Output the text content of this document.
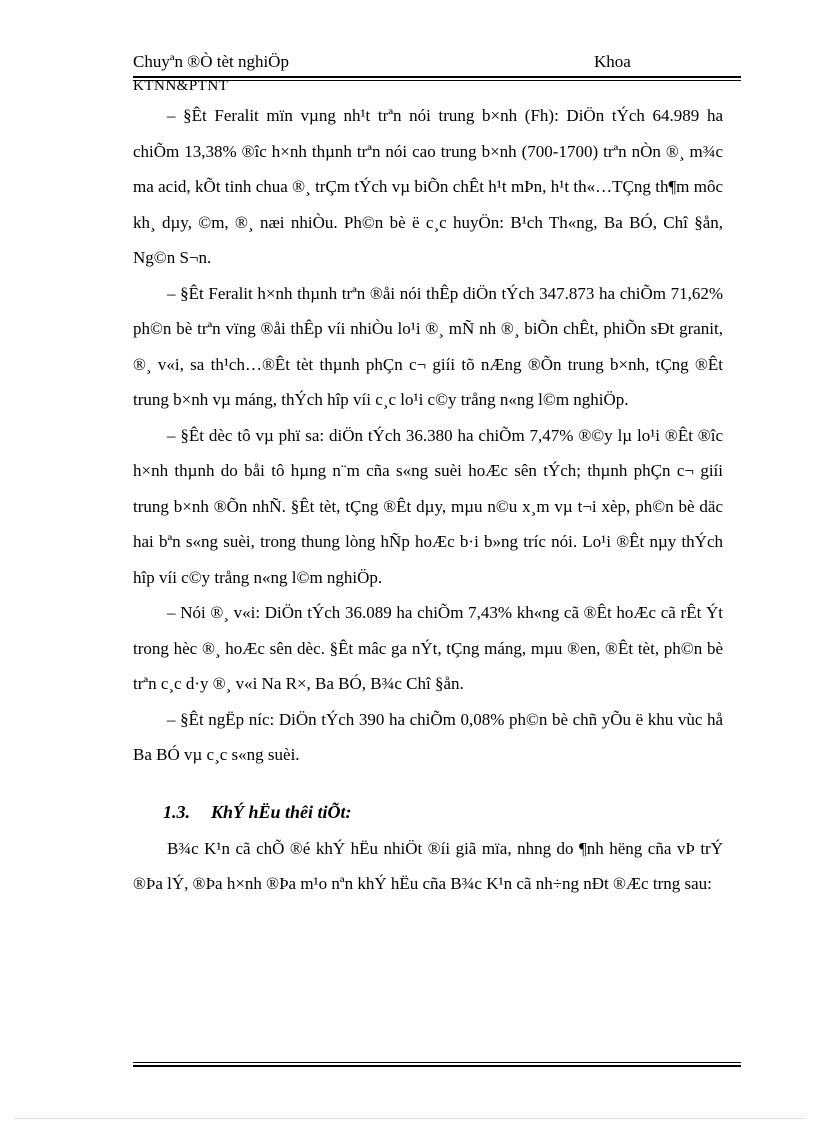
Chuyªn ®Ò tèt nghiÖp	Khoa
KTNN&PTNT

– §Êt Feralit mïn vµng nh¹t trªn nói trung b×nh (Fh): DiÖn tÝch 64.989 ha chiÕm 13,38% ®îc h×nh thµnh trªn nói cao trung b×nh (700-1700) trªn nÒn ®¸ m¾c ma acid, kÕt tinh chua ®¸ trÇm tÝch vµ biÕn chÊt h¹t mÞn, h¹t th«…TÇng th¶m môc kh¸ dµy, ©m, ®¸ næi nhiÒu. Ph©n bè ë c¸c huyÖn: B¹ch Th«ng, Ba BÓ, Chî §ån, Ng©n S¬n.

– §Êt Feralit h×nh thµnh trªn ®åi nói thÊp diÖn tÝch 347.873 ha chiÕm 71,62% ph©n bè trªn vïng ®åi thÊp víi nhiÒu lo¹i ®¸ mÑ nh ®¸ biÕn chÊt, phiÕn sÐt granit, ®¸ v«i, sa th¹ch…®Êt tèt thµnh phÇn c¬ giíi tõ nÆng ®Õn trung b×nh, tÇng ®Êt trung b×nh vµ máng, thÝch hîp víi c¸c lo¹i c©y trång n«ng l©m nghiÖp.

– §Êt dèc tô vµ phï sa: diÖn tÝch 36.380 ha chiÕm 7,47% ®©y lµ lo¹i ®Êt ®îc h×nh thµnh do båi tô hµng n¨m cña s«ng suèi hoÆc sên tÝch; thµnh phÇn c¬ giíi trung b×nh ®Õn nhÑ. §Êt tèt, tÇng ®Êt dµy, mµu n©u x¸m vµ t¬i xèp, ph©n bè däc hai bªn s«ng suèi, trong thung lòng hÑp hoÆc b·i b»ng tríc nói. Lo¹i ®Êt nµy thÝch hîp víi c©y trång n«ng l©m nghiÖp.

– Nói ®¸ v«i: DiÖn tÝch 36.089 ha chiÕm 7,43% kh«ng cã ®Êt hoÆc cã rÊt Ýt trong hèc ®¸ hoÆc sên dèc. §Êt mâc ga nÝt, tÇng máng, mµu ®en, ®Êt tèt, ph©n bè trªn c¸c d·y ®¸ v«i Na R×, Ba BÓ, B¾c Chî §ån.

– §Êt ngËp níc: DiÖn tÝch 390 ha chiÕm 0,08% ph©n bè chñ yÕu ë khu vùc hå Ba BÓ vµ c¸c s«ng suèi.

1.3. KhÝ hËu thêi tiÕt:

B¾c K¹n cã chÕ ®é khÝ hËu nhiÖt ®íi giã mïa, nhng do ¶nh hëng cña vÞ trÝ ®Þa lÝ, ®Þa h×nh ®Þa m¹o nªn khÝ hËu cña B¾c K¹n cã nh÷ng nÐt ®Æc trng sau:
